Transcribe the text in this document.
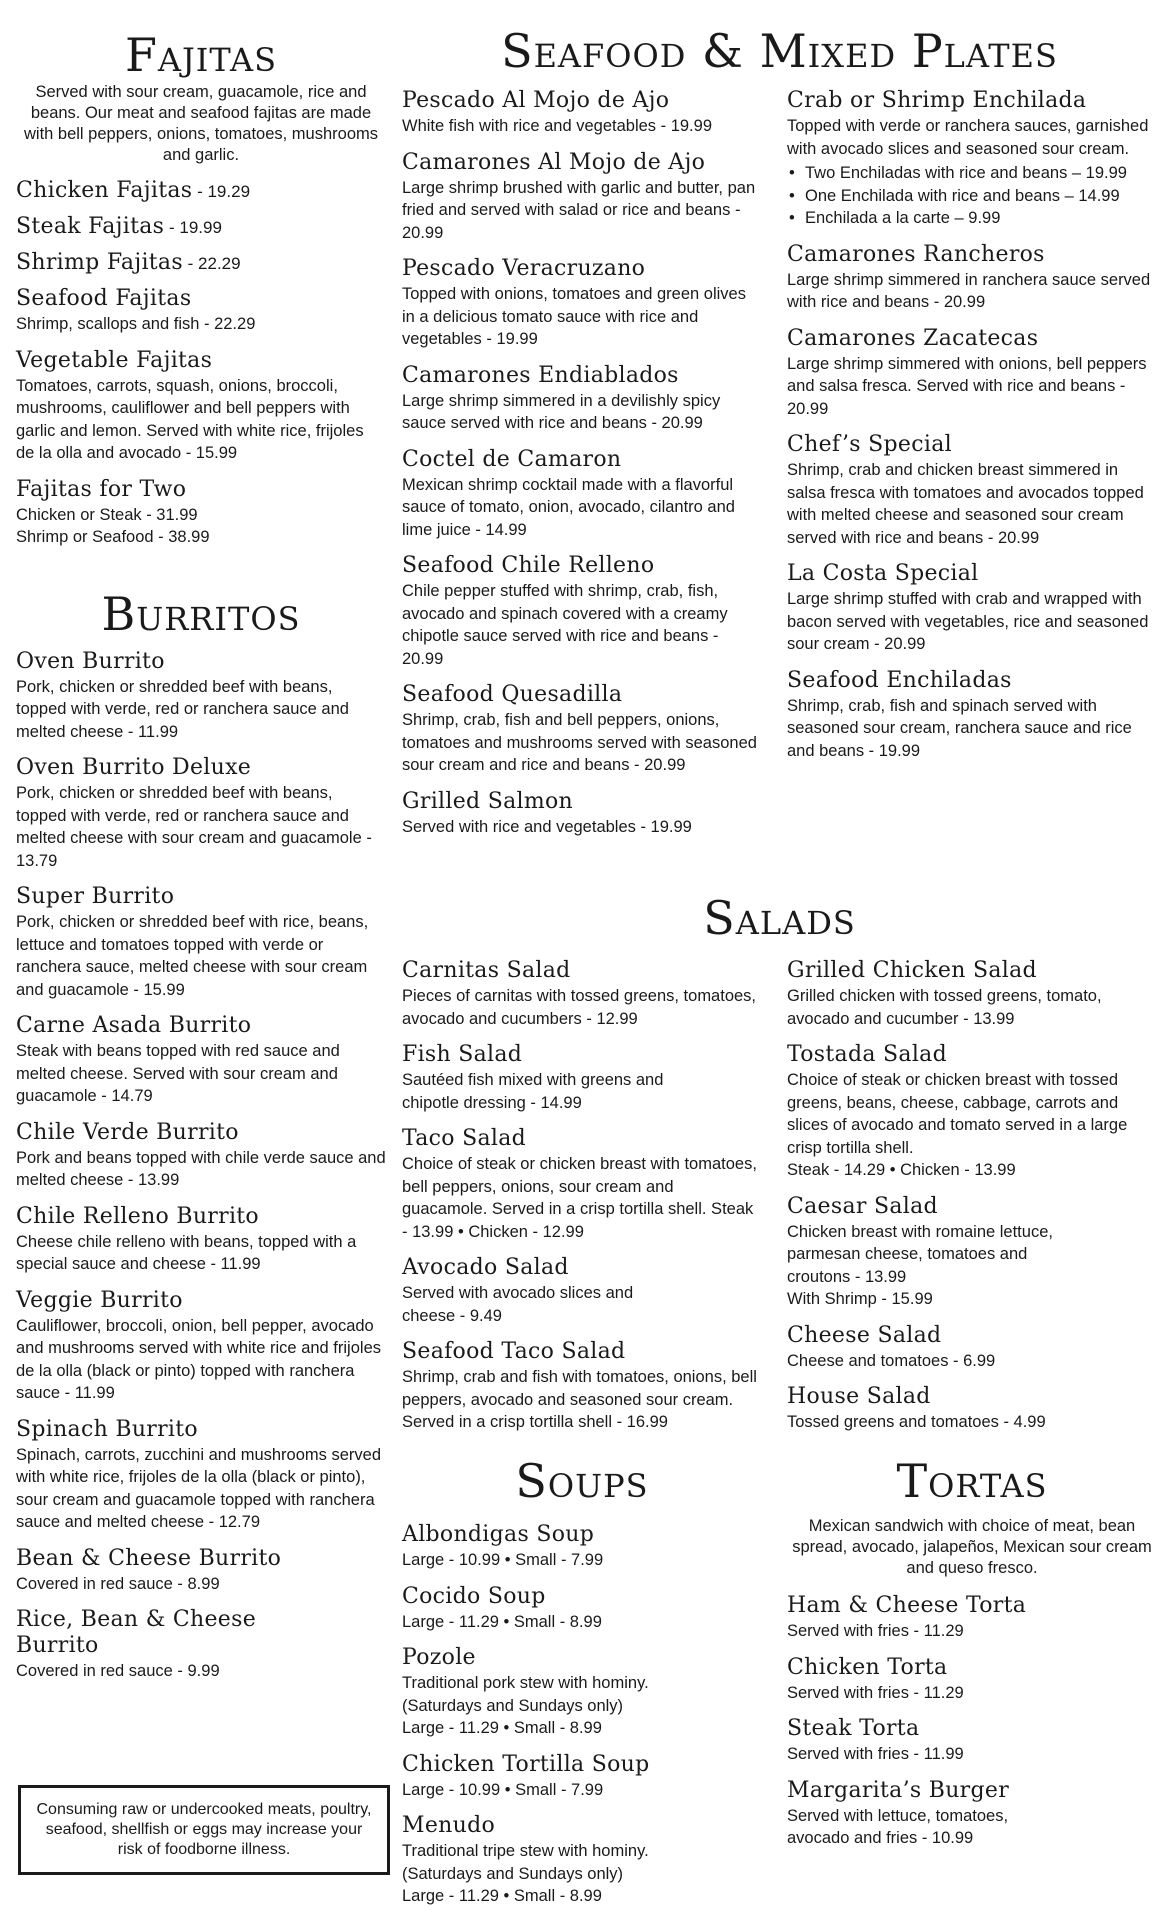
Fajitas

Served with sour cream, guacamole, rice and beans. Our meat and seafood fajitas are made with bell peppers, onions, tomatoes, mushrooms and garlic.

Chicken Fajitas - 19.29
Steak Fajitas - 19.99
Shrimp Fajitas - 22.29
Seafood Fajitas
Shrimp, scallops and fish - 22.29
Vegetable Fajitas
Tomatoes, carrots, squash, onions, broccoli, mushrooms, cauliflower and bell peppers with garlic and lemon. Served with white rice, frijoles de la olla and avocado - 15.99
Fajitas for Two
Chicken or Steak - 31.99
Shrimp or Seafood - 38.99
Burritos
Oven Burrito
Pork, chicken or shredded beef with beans, topped with verde, red or ranchera sauce and melted cheese - 11.99
Oven Burrito Deluxe
Pork, chicken or shredded beef with beans, topped with verde, red or ranchera sauce and melted cheese with sour cream and guacamole - 13.79
Super Burrito
Pork, chicken or shredded beef with rice, beans, lettuce and tomatoes topped with verde or ranchera sauce, melted cheese with sour cream and guacamole - 15.99
Carne Asada Burrito
Steak with beans topped with red sauce and melted cheese. Served with sour cream and guacamole - 14.79
Chile Verde Burrito
Pork and beans topped with chile verde sauce and melted cheese - 13.99
Chile Relleno Burrito
Cheese chile relleno with beans, topped with a special sauce and cheese - 11.99
Veggie Burrito
Cauliflower, broccoli, onion, bell pepper, avocado and mushrooms served with white rice and frijoles de la olla (black or pinto) topped with ranchera sauce - 11.99
Spinach Burrito
Spinach, carrots, zucchini and mushrooms served with white rice, frijoles de la olla (black or pinto), sour cream and guacamole topped with ranchera sauce and melted cheese - 12.79
Bean & Cheese Burrito
Covered in red sauce - 8.99
Rice, Bean & Cheese Burrito
Covered in red sauce - 9.99
Consuming raw or undercooked meats, poultry, seafood, shellfish or eggs may increase your risk of foodborne illness.
Seafood & Mixed Plates
Pescado Al Mojo de Ajo
White fish with rice and vegetables - 19.99
Camarones Al Mojo de Ajo
Large shrimp brushed with garlic and butter, pan fried and served with salad or rice and beans - 20.99
Pescado Veracruzano
Topped with onions, tomatoes and green olives in a delicious tomato sauce with rice and vegetables - 19.99
Camarones Endiablados
Large shrimp simmered in a devilishly spicy sauce served with rice and beans - 20.99
Coctel de Camaron
Mexican shrimp cocktail made with a flavorful sauce of tomato, onion, avocado, cilantro and lime juice - 14.99
Seafood Chile Relleno
Chile pepper stuffed with shrimp, crab, fish, avocado and spinach covered with a creamy chipotle sauce served with rice and beans - 20.99
Seafood Quesadilla
Shrimp, crab, fish and bell peppers, onions, tomatoes and mushrooms served with seasoned sour cream and rice and beans - 20.99
Grilled Salmon
Served with rice and vegetables - 19.99
Crab or Shrimp Enchilada
Topped with verde or ranchera sauces, garnished with avocado slices and seasoned sour cream.
• Two Enchiladas with rice and beans – 19.99
• One Enchilada with rice and beans – 14.99
• Enchilada a la carte – 9.99
Camarones Rancheros
Large shrimp simmered in ranchera sauce served with rice and beans - 20.99
Camarones Zacatecas
Large shrimp simmered with onions, bell peppers and salsa fresca. Served with rice and beans - 20.99
Chef’s Special
Shrimp, crab and chicken breast simmered in salsa fresca with tomatoes and avocados topped with melted cheese and seasoned sour cream served with rice and beans - 20.99
La Costa Special
Large shrimp stuffed with crab and wrapped with bacon served with vegetables, rice and seasoned sour cream - 20.99
Seafood Enchiladas
Shrimp, crab, fish and spinach served with seasoned sour cream, ranchera sauce and rice and beans - 19.99
Salads
Carnitas Salad
Pieces of carnitas with tossed greens, tomatoes, avocado and cucumbers - 12.99
Fish Salad
Sautéed fish mixed with greens and chipotle dressing - 14.99
Taco Salad
Choice of steak or chicken breast with tomatoes, bell peppers, onions, sour cream and guacamole. Served in a crisp tortilla shell. Steak - 13.99 • Chicken - 12.99
Avocado Salad
Served with avocado slices and cheese - 9.49
Seafood Taco Salad
Shrimp, crab and fish with tomatoes, onions, bell peppers, avocado and seasoned sour cream. Served in a crisp tortilla shell - 16.99
Grilled Chicken Salad
Grilled chicken with tossed greens, tomato, avocado and cucumber - 13.99
Tostada Salad
Choice of steak or chicken breast with tossed greens, beans, cheese, cabbage, carrots and slices of avocado and tomato served in a large crisp tortilla shell.
Steak - 14.29 • Chicken - 13.99
Caesar Salad
Chicken breast with romaine lettuce, parmesan cheese, tomatoes and croutons - 13.99
With Shrimp - 15.99
Cheese Salad
Cheese and tomatoes - 6.99
House Salad
Tossed greens and tomatoes - 4.99
Soups
Albondigas Soup
Large - 10.99 • Small - 7.99
Cocido Soup
Large - 11.29 • Small - 8.99
Pozole
Traditional pork stew with hominy. (Saturdays and Sundays only)
Large - 11.29 • Small - 8.99
Chicken Tortilla Soup
Large - 10.99 • Small - 7.99
Menudo
Traditional tripe stew with hominy. (Saturdays and Sundays only)
Large - 11.29 • Small - 8.99
Tortas

Mexican sandwich with choice of meat, bean spread, avocado, jalapeños, Mexican sour cream and queso fresco.

Ham & Cheese Torta
Served with fries - 11.29
Chicken Torta
Served with fries - 11.29
Steak Torta
Served with fries - 11.99
Margarita’s Burger
Served with lettuce, tomatoes, avocado and fries - 10.99
